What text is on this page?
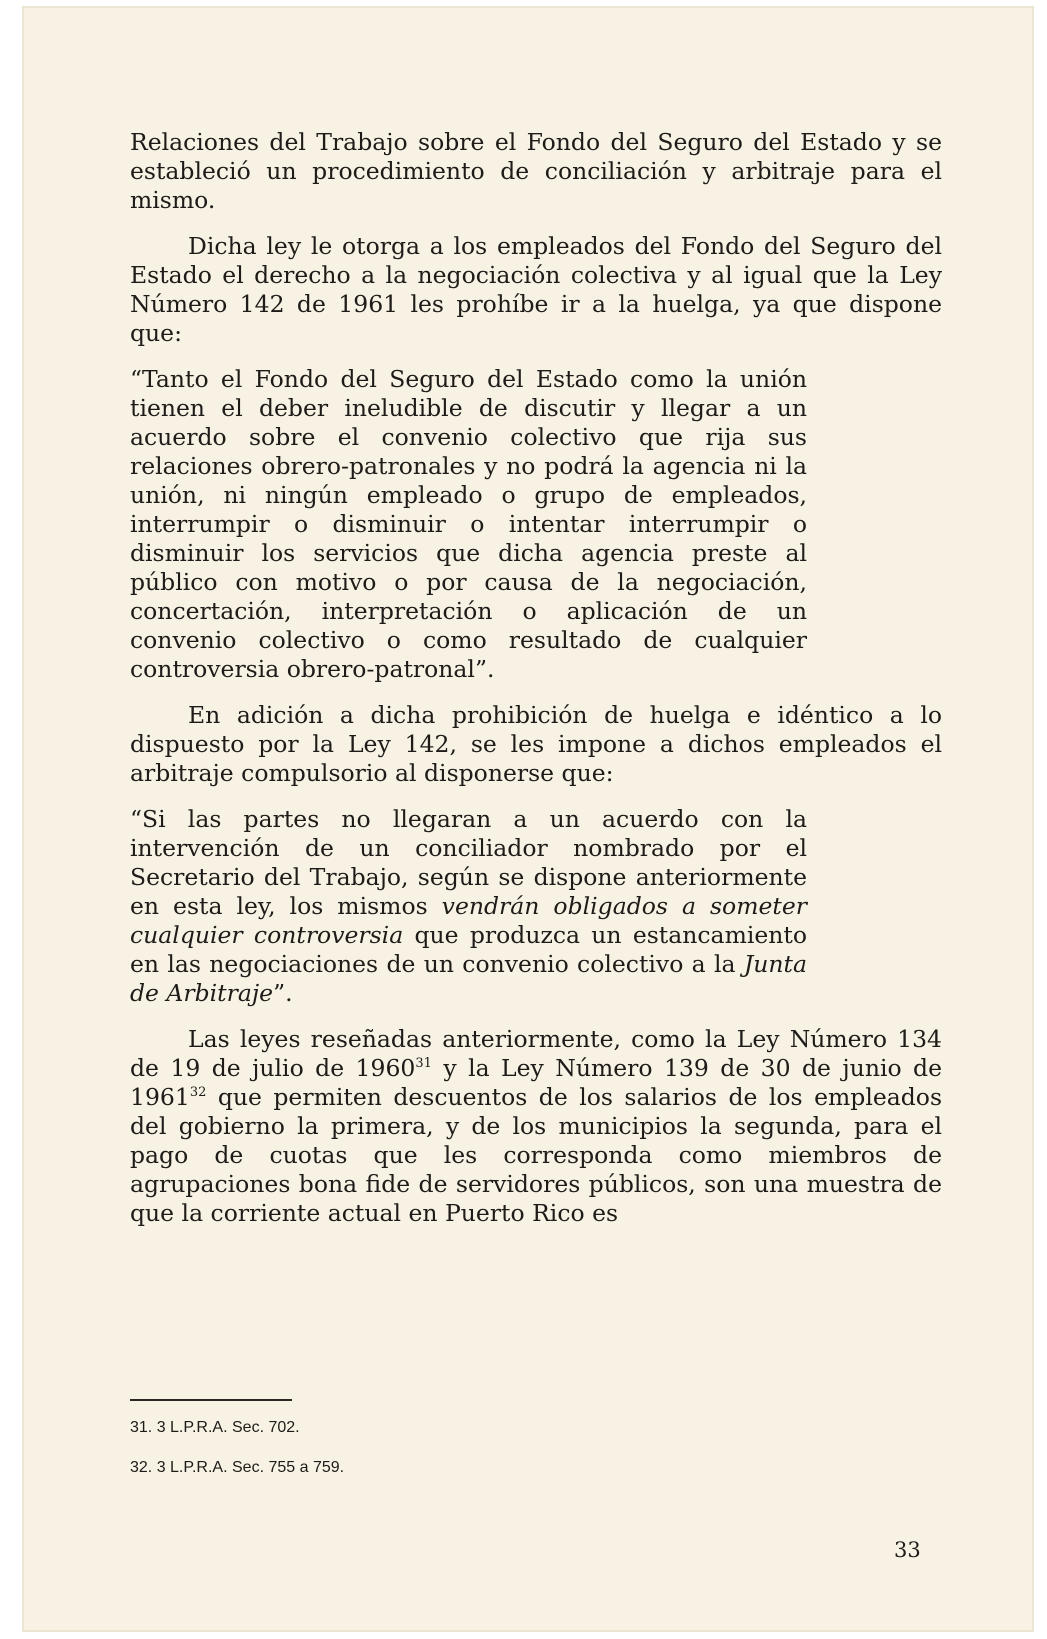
Relaciones del Trabajo sobre el Fondo del Seguro del Estado y se estableció un procedimiento de conciliación y arbitraje para el mismo.

Dicha ley le otorga a los empleados del Fondo del Seguro del Estado el derecho a la negociación colectiva y al igual que la Ley Número 142 de 1961 les prohíbe ir a la huelga, ya que dispone que:

“Tanto el Fondo del Seguro del Estado como la unión tienen el deber ineludible de discutir y llegar a un acuerdo sobre el convenio colectivo que rija sus relaciones obrero-patronales y no podrá la agencia ni la unión, ni ningún empleado o grupo de empleados, interrumpir o disminuir o intentar interrumpir o disminuir los servicios que dicha agencia preste al público con motivo o por causa de la negociación, concertación, interpretación o aplicación de un convenio colectivo o como resultado de cualquier controversia obrero-patronal”.

En adición a dicha prohibición de huelga e idéntico a lo dispuesto por la Ley 142, se les impone a dichos empleados el arbitraje compulsorio al disponerse que:

“Si las partes no llegaran a un acuerdo con la intervención de un conciliador nombrado por el Secretario del Trabajo, según se dispone anteriormente en esta ley, los mismos vendrán obligados a someter cualquier controversia que produzca un estancamiento en las negociaciones de un convenio colectivo a la Junta de Arbitraje”.

Las leyes reseñadas anteriormente, como la Ley Número 134 de 19 de julio de 1960$^{31}$ y la Ley Número 139 de 30 de junio de 1961$^{32}$ que permiten descuentos de los salarios de los empleados del gobierno la primera, y de los municipios la segunda, para el pago de cuotas que les corresponda como miembros de agrupaciones bona fide de servidores públicos, son una muestra de que la corriente actual en Puerto Rico es

31. 3 L.P.R.A. Sec. 702.
32. 3 L.P.R.A. Sec. 755 a 759.
33
